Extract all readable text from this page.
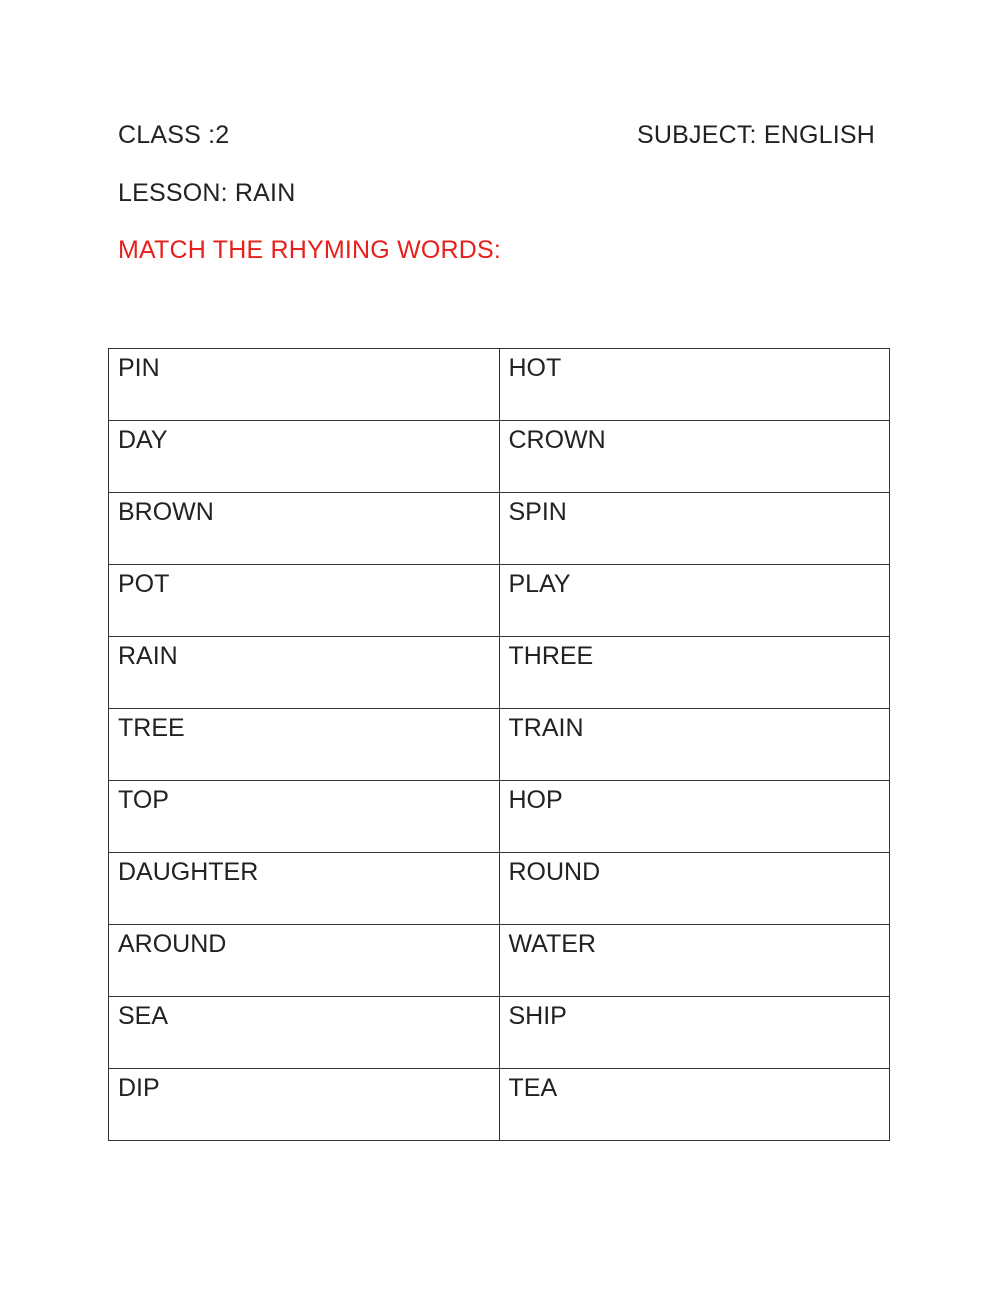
CLASS :2	SUBJECT: ENGLISH
LESSON: RAIN
MATCH THE RHYMING WORDS:
PIN	HOT

DAY	CROWN

BROWN	SPIN

POT	PLAY

RAIN	THREE

TREE	TRAIN

TOP	HOP

DAUGHTER	ROUND

AROUND	WATER

SEA	SHIP

DIP	TEA
